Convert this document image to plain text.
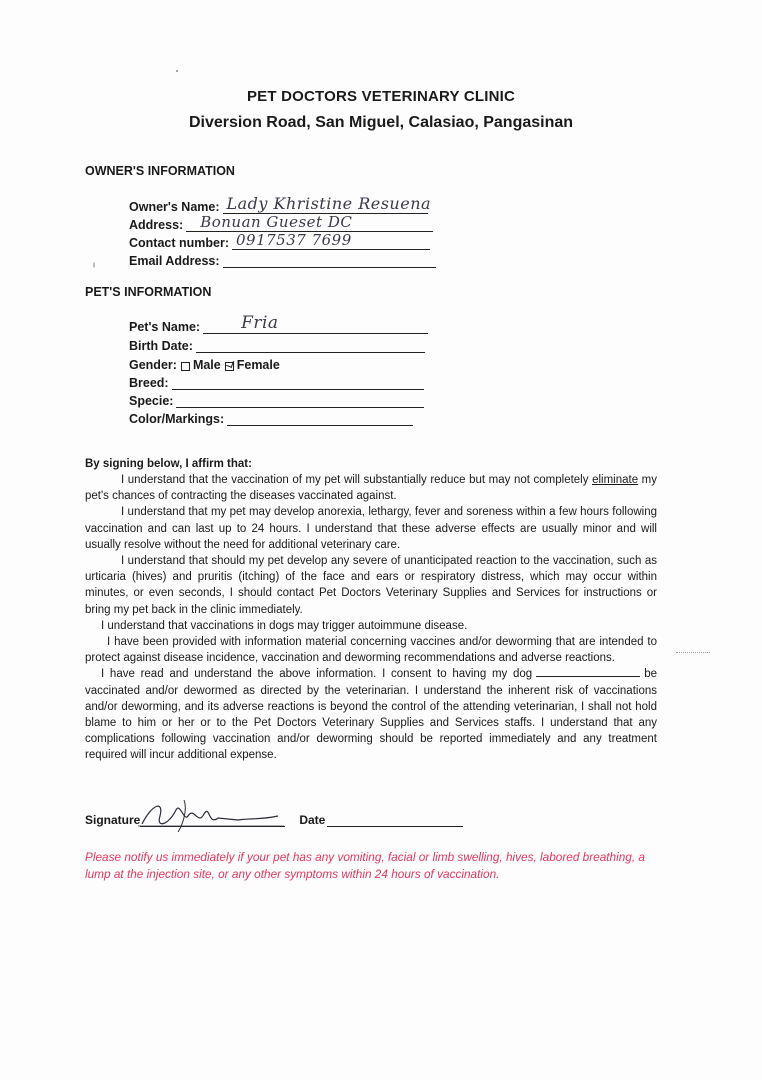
PET DOCTORS VETERINARY CLINIC
Diversion Road, San Miguel, Calasiao, Pangasinan
OWNER'S INFORMATION
Owner's Name: Lady Khristine Resuena
Address: Bonuan Gueset DC
Contact number: 0917537 7699
Email Address:
PET'S INFORMATION
Pet's Name: Fria
Birth Date:
Gender: Male Female
Breed:
Specie:
Color/Markings:
By signing below, I affirm that:

I understand that the vaccination of my pet will substantially reduce but may not completely eliminate my pet's chances of contracting the diseases vaccinated against.

I understand that my pet may develop anorexia, lethargy, fever and soreness within a few hours following vaccination and can last up to 24 hours. I understand that these adverse effects are usually minor and will usually resolve without the need for additional veterinary care.

I understand that should my pet develop any severe of unanticipated reaction to the vaccination, such as urticaria (hives) and pruritis (itching) of the face and ears or respiratory distress, which may occur within minutes, or even seconds, I should contact Pet Doctors Veterinary Supplies and Services for instructions or bring my pet back in the clinic immediately.

I understand that vaccinations in dogs may trigger autoimmune disease.

I have been provided with information material concerning vaccines and/or deworming that are intended to protect against disease incidence, vaccination and deworming recommendations and adverse reactions.

I have read and understand the above information. I consent to having my dog	be vaccinated and/or dewormed as directed by the veterinarian. I understand the inherent risk of vaccinations and/or deworming, and its adverse reactions is beyond the control of the attending veterinarian, I shall not hold blame to him or her or to the Pet Doctors Veterinary Supplies and Services staffs. I understand that any complications following vaccination and/or deworming should be reported immediately and any treatment required will incur additional expense.

Signature	Date
Please notify us immediately if your pet has any vomiting, facial or limb swelling, hives, labored breathing, a lump at the injection site, or any other symptoms within 24 hours of vaccination.
